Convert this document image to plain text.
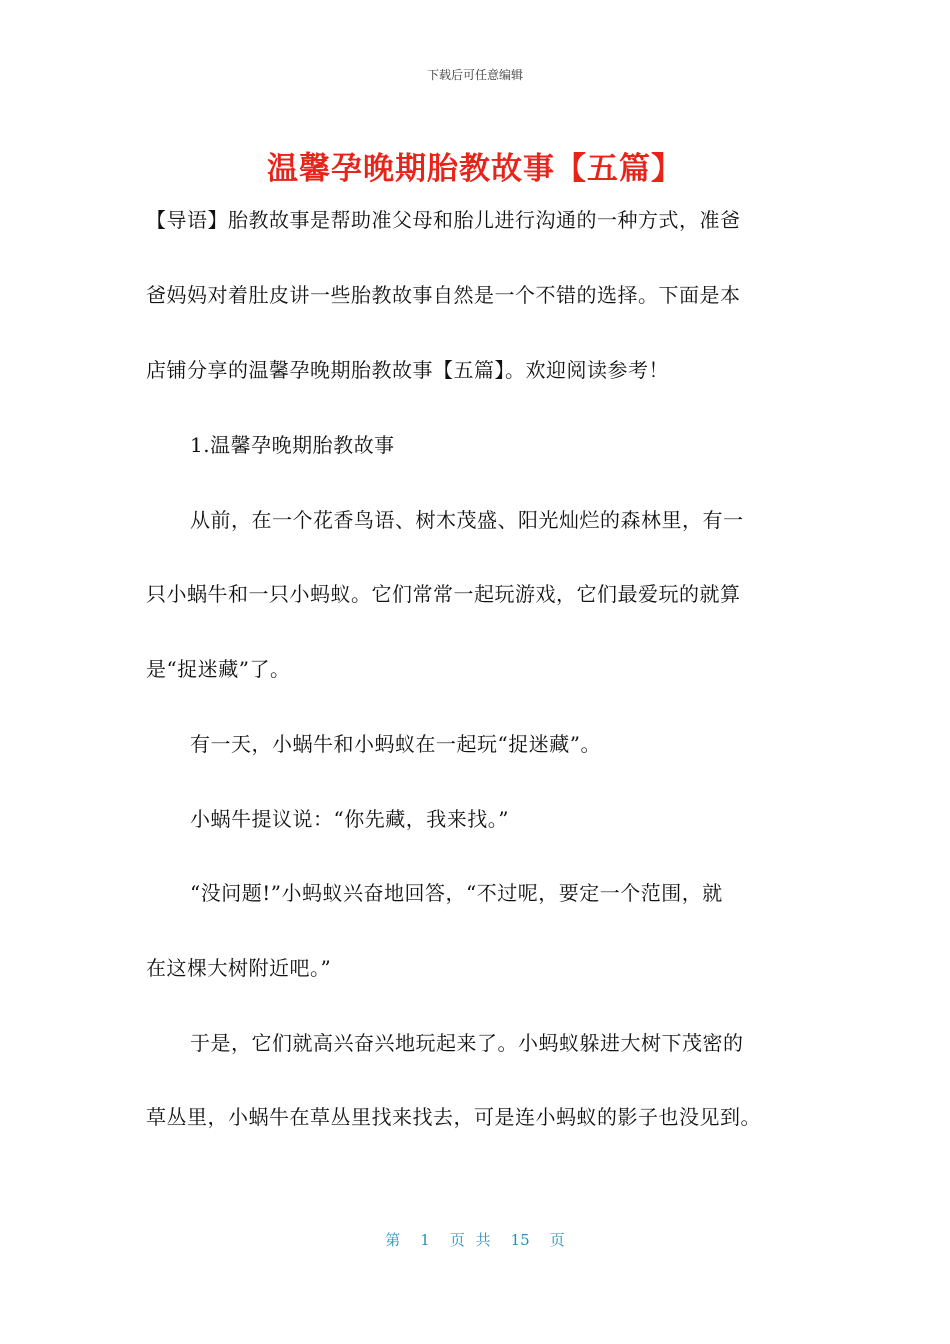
下载后可任意编辑
温馨孕晚期胎教故事【五篇】
【导语】胎教故事是帮助准父母和胎儿进行沟通的一种方式，准爸
爸妈妈对着肚皮讲一些胎教故事自然是一个不错的选择。下面是本
店铺分享的温馨孕晚期胎教故事【五篇】。欢迎阅读参考！
1.温馨孕晚期胎教故事
从前，在一个花香鸟语、树木茂盛、阳光灿烂的森林里，有一
只小蜗牛和一只小蚂蚁。它们常常一起玩游戏，它们最爱玩的就算
是“捉迷藏”了。
有一天，小蜗牛和小蚂蚁在一起玩“捉迷藏”。
小蜗牛提议说：“你先藏，我来找。”
“没问题!”小蚂蚁兴奋地回答，“不过呢，要定一个范围，就
在这棵大树附近吧。”
于是，它们就高兴奋兴地玩起来了。小蚂蚁躲进大树下茂密的
草丛里，小蜗牛在草丛里找来找去，可是连小蚂蚁的影子也没见到。
第 1 页 共 15 页
